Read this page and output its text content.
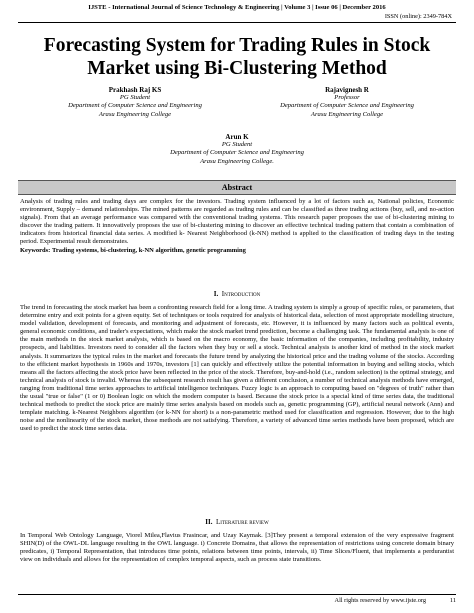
IJSTE - International Journal of Science Technology & Engineering | Volume 3 | Issue 06 | December 2016
ISSN (online): 2349-784X
Forecasting System for Trading Rules in Stock Market using Bi-Clustering Method
Prakhash Raj KS
PG Student
Department of Computer Science and Engineering
Arasu Engineering College
Rajavignesh R
Professor
Department of Computer Science and Engineering
Arasu Engineering College
Arun K
PG Student
Department of Computer Science and Engineering
Arasu Engineering College.
Abstract
Analysis of trading rules and trading days are complex for the investors. Trading system influenced by a lot of factors such as, National policies, Economic environment, Supply – demand relationships. The mined patterns are regarded as trading rules and can be classified as three trading actions (buy, sell, and no-action signals). From that an average performance was compared with the conventional trading systems. This research paper proposes the use of bi-clustering mining to discover the trading pattern. It innovatively proposes the use of bi-clustering mining to discover an effective technical trading pattern that contain a combination of indicators from historical financial data series. A modified k- Nearest Neighborhood (k-NN) method is applied to the classification of trading days in the testing period. Experimental result demonstrates.
Keywords: Trading systems, bi-clustering, k-NN algorithm, genetic programming
I. Introduction
The trend in forecasting the stock market has been a confronting research field for a long time. A trading system is simply a group of specific rules, or parameters, that determine entry and exit points for a given equity. Set of techniques or tools required for analysis of historical data, selection of most appropriate modelling structure, model validation, development of forecasts, and monitoring and adjustment of forecasts, etc. However, it is influenced by many factors such as political events, general economic conditions, and trader's expectations, which make the stock market trend prediction, become a challenging task. The fundamental analysis is one of the main methods in the stock market analysis, which is based on the macro economy, the basic information of the companies, including profitability, industry prospects, and liabilities. Investors need to consider all the factors when they buy or sell a stock. Technical analysis is another kind of method in the stock market analysis. It summarizes the typical rules in the market and forecasts the future trend by analyzing the historical price and the trading volume of the stocks. According to the efficient market hypothesis in 1960s and 1970s, investors [1] can quickly and effectively utilize the potential information in buying and selling stocks, which means all the factors affecting the stock price have been reflected in the price of the stock. Therefore, buy-and-hold (i.e., random selection) is the optimal strategy, and technical analysis of stock is invalid. Whereas the subsequent research result has given a different conclusion, a number of technical analysis methods have emerged, ranging from traditional time series approaches to artificial intelligence techniques. Fuzzy logic is an approach to computing based on "degrees of truth" rather than the usual "true or false" (1 or 0) Boolean logic on which the modern computer is based. Because the stock price is a special kind of time series data, the traditional technical methods to predict the stock price are mainly time series analysis based on models such as, genetic programming (GP), artificial neural network (Ann) and template matching. k-Nearest Neighbors algorithm (or k-NN for short) is a non-parametric method used for classification and regression. However, due to the high noise and the nonlinearity of the stock market, those methods are not satisfying. Therefore, a variety of advanced time series methods have been proposed, which are used to predict the stock time series data.
II. Literature review
In Temporal Web Ontology Language, Viorel Milea,Flavius Frasincar, and Uzay Kaymak. [3]They present a temporal extension of the very expressive fragment SHIN(D) of the OWL-DL language resulting in the OWL language. i) Concrete Domains, that allows the representation of restrictions using concrete domain binary predicates, i) Temporal Representation, that introduces time points, relations between time points, intervals, ii) Time Slices/Fluent, that implements a perdurantist view on individuals and allows for the representation of complex temporal aspects, such as process state transitions.
All rights reserved by www.ijste.org	11
